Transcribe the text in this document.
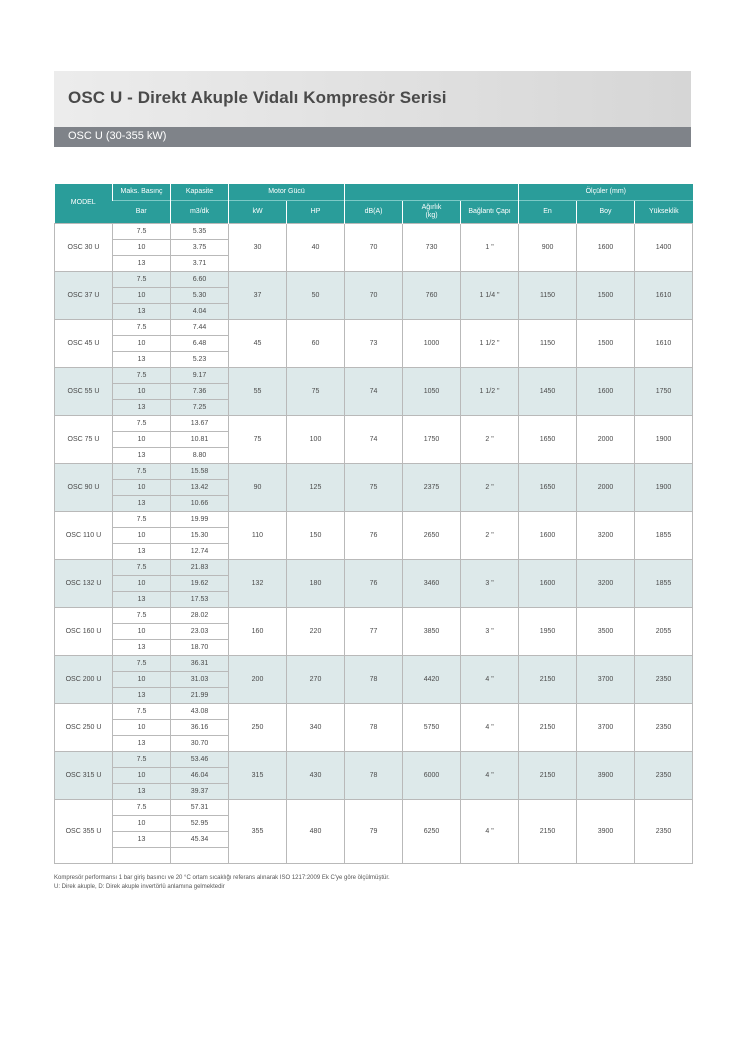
OSC U - Direkt Akuple Vidalı Kompresör Serisi
OSC U (30-355 kW)
MODEL	Maks. Basınç	Kapasite	Motor Gücü					Ölçüler (mm)		
	Bar	m3/dk	kW	HP	dB(A)	Ağırlık
(kg)	Bağlantı Çapı	En	Boy	Yükseklik
OSC 30 U	7.5	5.35	30	40	70	730	1 "	900	1600	1400
	10	3.75								
	13	3.71								
OSC 37 U	7.5	6.60	37	50	70	760	1 1/4 "	1150	1500	1610
	10	5.30								
	13	4.04								
OSC 45 U	7.5	7.44	45	60	73	1000	1 1/2 "	1150	1500	1610
	10	6.48								
	13	5.23								
OSC 55 U	7.5	9.17	55	75	74	1050	1 1/2 "	1450	1600	1750
	10	7.36								
	13	7.25								
OSC 75 U	7.5	13.67	75	100	74	1750	2 "	1650	2000	1900
	10	10.81								
	13	8.80								
OSC 90 U	7.5	15.58	90	125	75	2375	2 "	1650	2000	1900
	10	13.42								
	13	10.66								
OSC 110 U	7.5	19.99	110	150	76	2650	2 "	1600	3200	1855
	10	15.30								
	13	12.74								
OSC 132 U	7.5	21.83	132	180	76	3460	3 "	1600	3200	1855
	10	19.62								
	13	17.53								
OSC 160 U	7.5	28.02	160	220	77	3850	3 "	1950	3500	2055
	10	23.03								
	13	18.70								
OSC 200 U	7.5	36.31	200	270	78	4420	4 "	2150	3700	2350
	10	31.03								
	13	21.99								
OSC 250 U	7.5	43.08	250	340	78	5750	4 "	2150	3700	2350
	10	36.16								
	13	30.70								
OSC 315 U	7.5	53.46	315	430	78	6000	4 "	2150	3900	2350
	10	46.04								
	13	39.37								
OSC 355 U	7.5	57.31	355	480	79	6250	4 "	2150	3900	2350
	10	52.95								
	13	45.34								

Kompresör performansı 1 bar giriş basıncı ve 20 °C ortam sıcaklığı referans alınarak ISO 1217:2009 Ek C'ye göre ölçülmüştür.
U: Direk akuple, D: Direk akuple invertörlü anlamına gelmektedir
